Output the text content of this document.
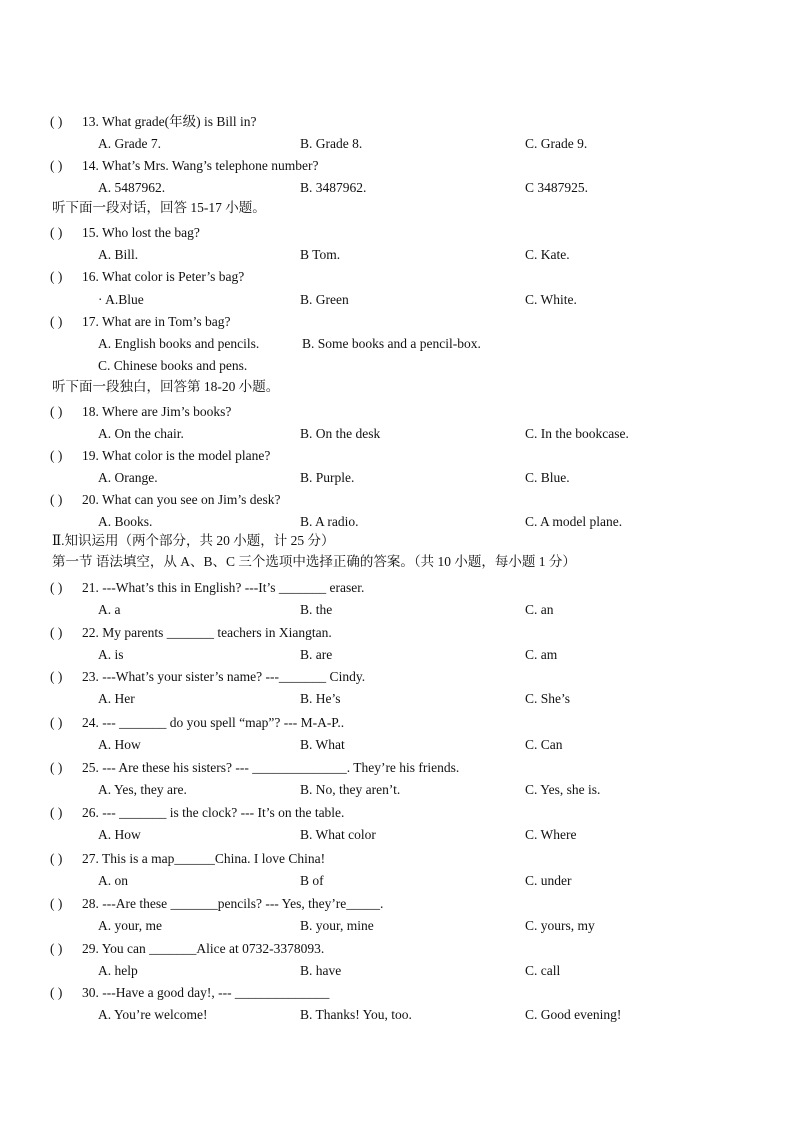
( ) 13. What grade(年级) is Bill in?
A. Grade 7.	B. Grade 8.	C. Grade 9.
( ) 14. What’s Mrs. Wang’s telephone number?
A. 5487962.	B. 3487962.	C 3487925.
听下面一段对话，回答 15-17 小题。
( ) 15. Who lost the bag?
A. Bill.	B Tom.	C. Kate.
( ) 16. What color is Peter’s bag?
· A.Blue	B. Green	C. White.
( ) 17. What are in Tom’s bag?
A. English books and pencils.	B. Some books and a pencil-box.
C. Chinese books and pens.
听下面一段独白，回答第 18-20 小题。
( ) 18. Where are Jim’s books?
A. On the chair.	B. On the desk	C. In the bookcase.
( ) 19. What color is the model plane?
A. Orange.	B. Purple.	C. Blue.
( ) 20. What can you see on Jim’s desk?
A. Books.	B. A radio.	C. A model plane.
Ⅱ.知识运用（两个部分，共 20 小题，计 25 分）
第一节 语法填空，从 A、B、C 三个选项中选择正确的答案。（共 10 小题，每小题 1 分）
( ) 21. ---What’s this in English? ---It’s _______ eraser.
A. a	B. the	C. an
( ) 22. My parents _______ teachers in Xiangtan.
A. is	B. are	C. am
( ) 23. ---What’s your sister’s name? ---_______ Cindy.
A. Her	B. He’s	C. She’s
( ) 24. --- _______ do you spell “map”? --- M-A-P..
A. How	B. What	C. Can
( ) 25. --- Are these his sisters? --- ______________. They’re his friends.
A. Yes, they are.	B. No, they aren’t.	C. Yes, she is.
( ) 26. --- _______ is the clock? --- It’s on the table.
A. How	B. What color	C. Where
( ) 27. This is a map______China. I love China!
A. on	B of	C. under
( ) 28. ---Are these _______pencils? --- Yes, they’re_____.
A. your, me	B. your, mine	C. yours, my
( ) 29. You can _______Alice at 0732-3378093.
A. help	B. have	C. call
( ) 30. ---Have a good day!, --- ______________
A. You’re welcome!	B. Thanks! You, too.	C. Good evening!
